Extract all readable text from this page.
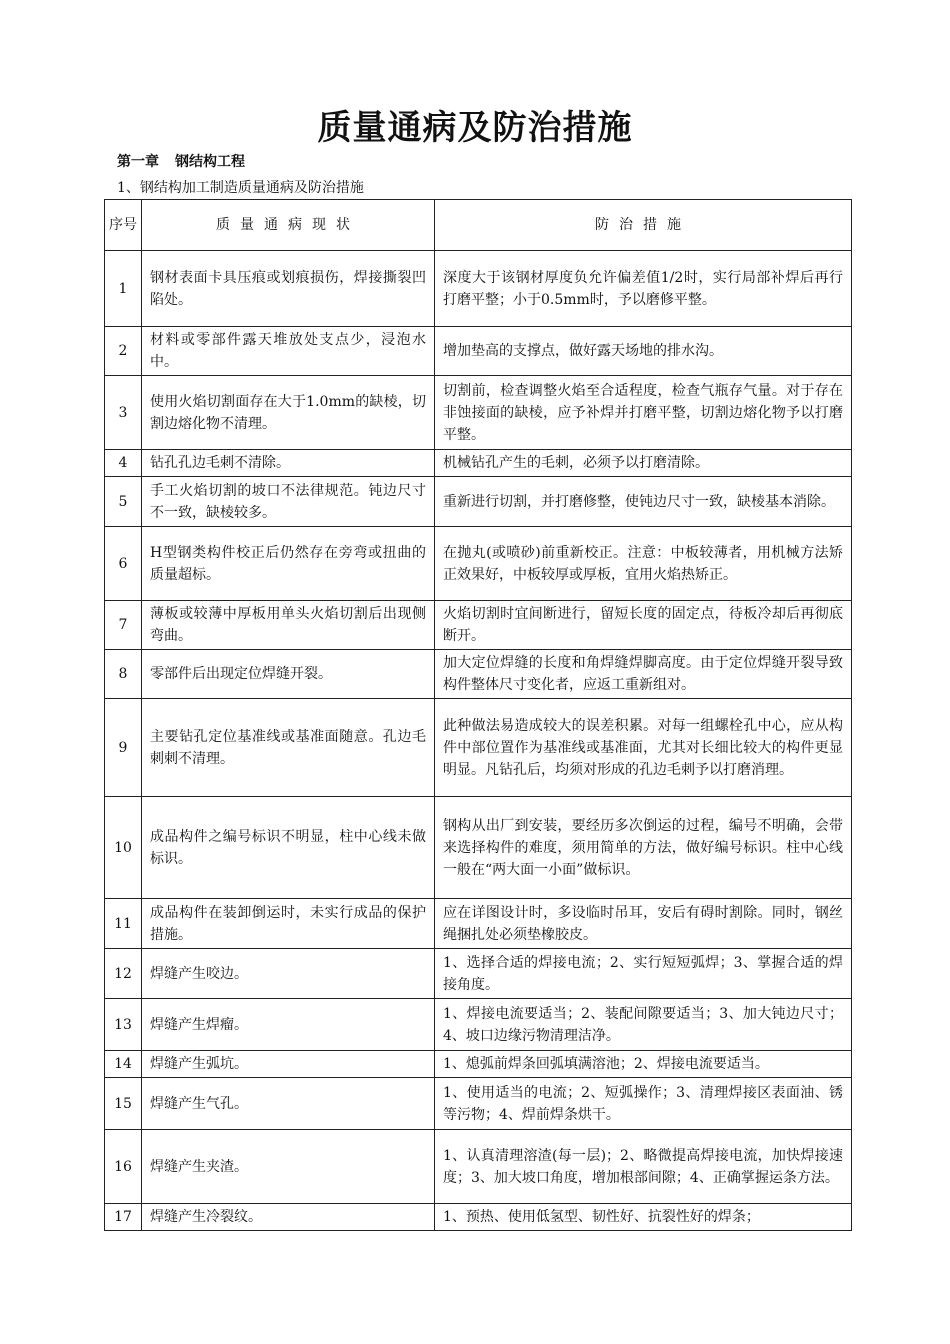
质量通病及防治措施
第一章 钢结构工程
1、钢结构加工制造质量通病及防治措施
序号	质量通病现状	防治措施
1	钢材表面卡具压痕或划痕损伤，焊接撕裂凹陷处。	深度大于该钢材厚度负允许偏差值1/2时，实行局部补焊后再行打磨平整；小于0.5mm时，予以磨修平整。
2	材料或零部件露天堆放处支点少，浸泡水中。	增加垫高的支撑点，做好露天场地的排水沟。
3	使用火焰切割面存在大于1.0mm的缺棱，切割边熔化物不清理。	切割前，检查调整火焰至合适程度，检查气瓶存气量。对于存在非蚀接面的缺棱，应予补焊并打磨平整，切割边熔化物予以打磨平整。
4	钻孔孔边毛刺不清除。	机械钻孔产生的毛刺，必须予以打磨清除。
5	手工火焰切割的坡口不法律规范。钝边尺寸不一致，缺棱较多。	重新进行切割，并打磨修整，使钝边尺寸一致，缺棱基本消除。
6	H型钢类构件校正后仍然存在旁弯或扭曲的质量超标。	在抛丸(或喷砂)前重新校正。注意：中板较薄者，用机械方法矫正效果好，中板较厚或厚板，宜用火焰热矫正。
7	薄板或较薄中厚板用单头火焰切割后出现侧弯曲。	火焰切割时宜间断进行，留短长度的固定点，待板冷却后再彻底断开。
8	零部件后出现定位焊缝开裂。	加大定位焊缝的长度和角焊缝焊脚高度。由于定位焊缝开裂导致构件整体尺寸变化者，应返工重新组对。
9	主要钻孔定位基准线或基准面随意。孔边毛刺刺不清理。	此种做法易造成较大的误差积累。对每一组螺栓孔中心，应从构件中部位置作为基准线或基准面，尤其对长细比较大的构件更显明显。凡钻孔后，均须对形成的孔边毛刺予以打磨消理。
10	成品构件之编号标识不明显，柱中心线未做标识。	钢构从出厂到安装，要经历多次倒运的过程，编号不明确，会带来选择构件的难度，须用简单的方法，做好编号标识。柱中心线一般在“两大面一小面”做标识。
11	成品构件在装卸倒运时，未实行成品的保护措施。	应在详图设计时，多设临时吊耳，安后有碍时割除。同时，钢丝绳捆扎处必须垫橡胶皮。
12	焊缝产生咬边。	1、选择合适的焊接电流；2、实行短短弧焊；3、掌握合适的焊接角度。
13	焊缝产生焊瘤。	1、焊接电流要适当；2、装配间隙要适当；3、加大钝边尺寸；4、坡口边缘污物清理洁净。
14	焊缝产生弧坑。	1、熄弧前焊条回弧填满溶池；2、焊接电流要适当。
15	焊缝产生气孔。	1、使用适当的电流；2、短弧操作；3、清理焊接区表面油、锈等污物；4、焊前焊条烘干。
16	焊缝产生夹渣。	1、认真清理溶渣(每一层)；2、略微提高焊接电流，加快焊接速度；3、加大坡口角度，增加根部间隙；4、正确掌握运条方法。
17	焊缝产生冷裂纹。	1、预热、使用低氢型、韧性好、抗裂性好的焊条；
